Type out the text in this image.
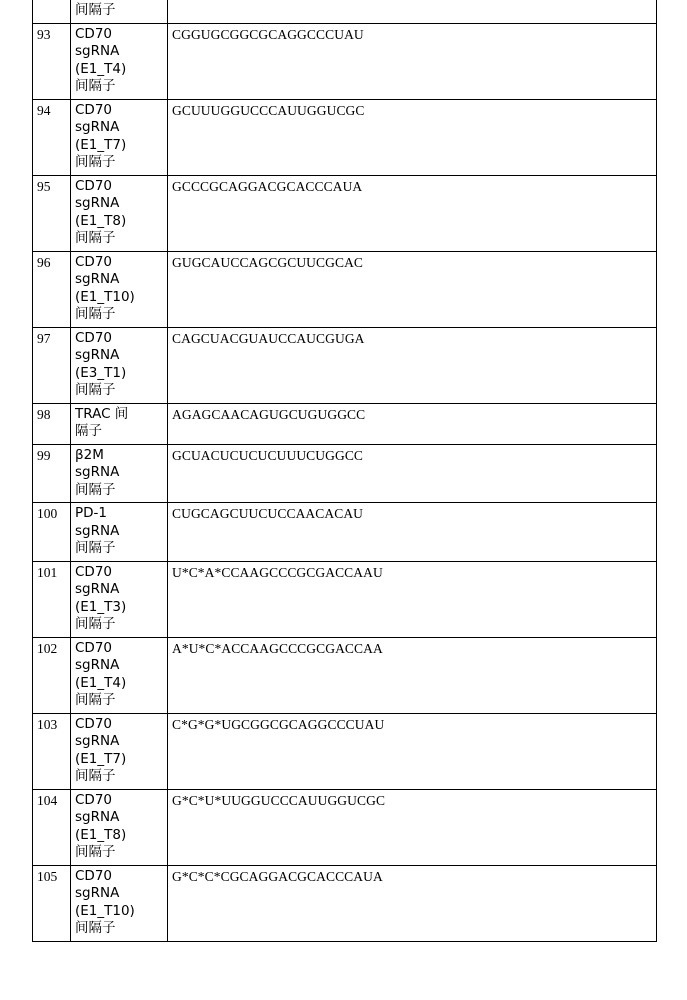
	间隔子	
93	CD70
sgRNA
(E1_T4)
间隔子	CGGUGCGGCGCAGGCCCUAU
94	CD70
sgRNA
(E1_T7)
间隔子	GCUUUGGUCCCAUUGGUCGC
95	CD70
sgRNA
(E1_T8)
间隔子	GCCCGCAGGACGCACCCAUA
96	CD70
sgRNA
(E1_T10)
间隔子	GUGCAUCCAGCGCUUCGCAC
97	CD70
sgRNA
(E3_T1)
间隔子	CAGCUACGUAUCCAUCGUGA
98	TRAC 间
隔子	AGAGCAACAGUGCUGUGGCC
99	β2M
sgRNA
间隔子	GCUACUCUCUCUUUCUGGCC
100	PD-1
sgRNA
间隔子	CUGCAGCUUCUCCAACACAU
101	CD70
sgRNA
(E1_T3)
间隔子	U*C*A*CCAAGCCCGCGACCAAU
102	CD70
sgRNA
(E1_T4)
间隔子	A*U*C*ACCAAGCCCGCGACCAA
103	CD70
sgRNA
(E1_T7)
间隔子	C*G*G*UGCGGCGCAGGCCCUAU
104	CD70
sgRNA
(E1_T8)
间隔子	G*C*U*UUGGUCCCAUUGGUCGC
105	CD70
sgRNA
(E1_T10)
间隔子	G*C*C*CGCAGGACGCACCCAUA
